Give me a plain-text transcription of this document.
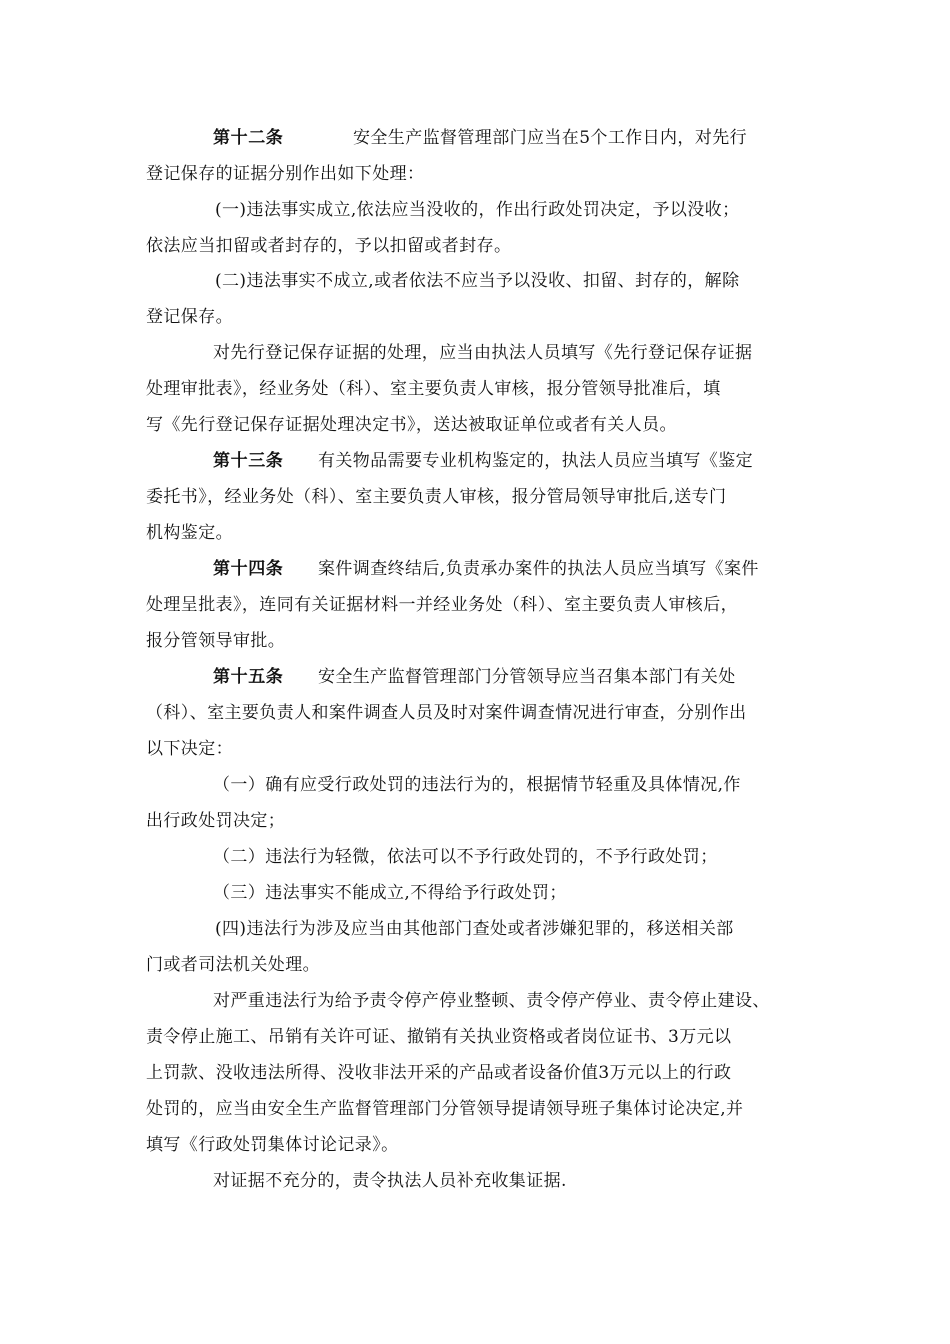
第十二条	安全生产监督管理部门应当在5个工作日内，对先行
登记保存的证据分别作出如下处理：
(一)违法事实成立,依法应当没收的，作出行政处罚决定，予以没收；
依法应当扣留或者封存的，予以扣留或者封存。
(二)违法事实不成立,或者依法不应当予以没收、扣留、封存的，解除
登记保存。
对先行登记保存证据的处理，应当由执法人员填写《先行登记保存证据
处理审批表》，经业务处（科）、室主要负责人审核，报分管领导批准后，填
写《先行登记保存证据处理决定书》，送达被取证单位或者有关人员。
第十三条 有关物品需要专业机构鉴定的，执法人员应当填写《鉴定
委托书》，经业务处（科）、室主要负责人审核，报分管局领导审批后,送专门
机构鉴定。
第十四条 案件调查终结后,负责承办案件的执法人员应当填写《案件
处理呈批表》，连同有关证据材料一并经业务处（科）、室主要负责人审核后，
报分管领导审批。
第十五条 安全生产监督管理部门分管领导应当召集本部门有关处
（科）、室主要负责人和案件调查人员及时对案件调查情况进行审查，分别作出
以下决定：
（一）确有应受行政处罚的违法行为的，根据情节轻重及具体情况,作
出行政处罚决定；
（二）违法行为轻微，依法可以不予行政处罚的，不予行政处罚；
（三）违法事实不能成立,不得给予行政处罚；
(四)违法行为涉及应当由其他部门查处或者涉嫌犯罪的，移送相关部
门或者司法机关处理。
对严重违法行为给予责令停产停业整顿、责令停产停业、责令停止建设、
责令停止施工、吊销有关许可证、撤销有关执业资格或者岗位证书、3万元以
上罚款、没收违法所得、没收非法开采的产品或者设备价值3万元以上的行政
处罚的，应当由安全生产监督管理部门分管领导提请领导班子集体讨论决定,并
填写《行政处罚集体讨论记录》。
对证据不充分的，责令执法人员补充收集证据.
